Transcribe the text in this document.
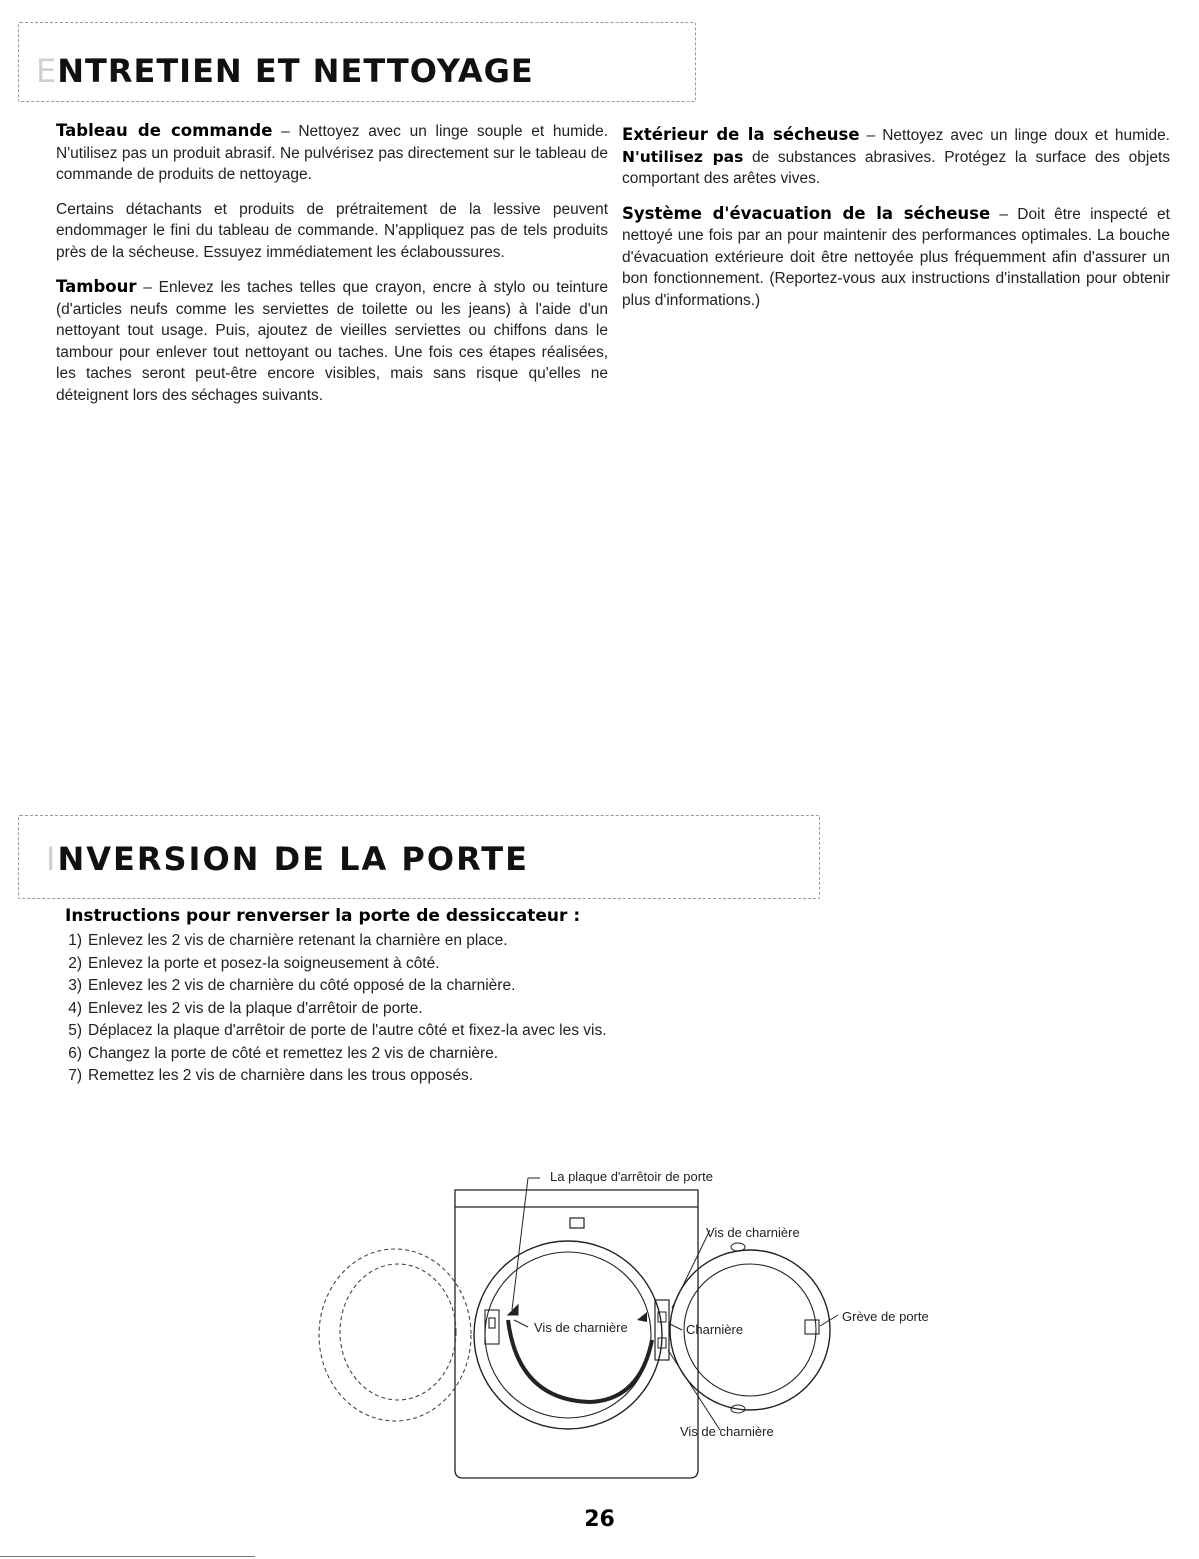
ENTRETIEN ET NETTOYAGE

Tableau de commande – Nettoyez avec un linge souple et humide. N'utilisez pas un produit abrasif. Ne pulvérisez pas directement sur le tableau de commande de produits de nettoyage.

Certains détachants et produits de prétraitement de la lessive peuvent endommager le fini du tableau de commande. N'appliquez pas de tels produits près de la sécheuse. Essuyez immédiatement les éclaboussures.

Tambour – Enlevez les taches telles que crayon, encre à stylo ou teinture (d'articles neufs comme les serviettes de toilette ou les jeans) à l'aide d'un nettoyant tout usage. Puis, ajoutez de vieilles serviettes ou chiffons dans le tambour pour enlever tout nettoyant ou taches. Une fois ces étapes réalisées, les taches seront peut-être encore visibles, mais sans risque qu'elles ne déteignent lors des séchages suivants.

Extérieur de la sécheuse – Nettoyez avec un linge doux et humide. N'utilisez pas de substances abrasives. Protégez la surface des objets comportant des arêtes vives.

Système d'évacuation de la sécheuse – Doit être inspecté et nettoyé une fois par an pour maintenir des performances optimales. La bouche d'évacuation extérieure doit être nettoyée plus fréquemment afin d'assurer un bon fonctionnement. (Reportez-vous aux instructions d'installation pour obtenir plus d'informations.)

INVERSION DE LA PORTE
Instructions pour renverser la porte de dessiccateur :
1) Enlevez les 2 vis de charnière retenant la charnière en place.
2) Enlevez la porte et posez-la soigneusement à côté.
3) Enlevez les 2 vis de charnière du côté opposé de la charnière.
4) Enlevez les 2 vis de la plaque d'arrêtoir de porte.
5) Déplacez la plaque d'arrêtoir de porte de l'autre côté et fixez-la avec les vis.
6) Changez la porte de côté et remettez les 2 vis de charnière.
7) Remettez les 2 vis de charnière dans les trous opposés.
La plaque d'arrêtoir de porte
Vis de charnière
Vis de charnière	Charnière
Vis de charnière
Grève de porte
26
